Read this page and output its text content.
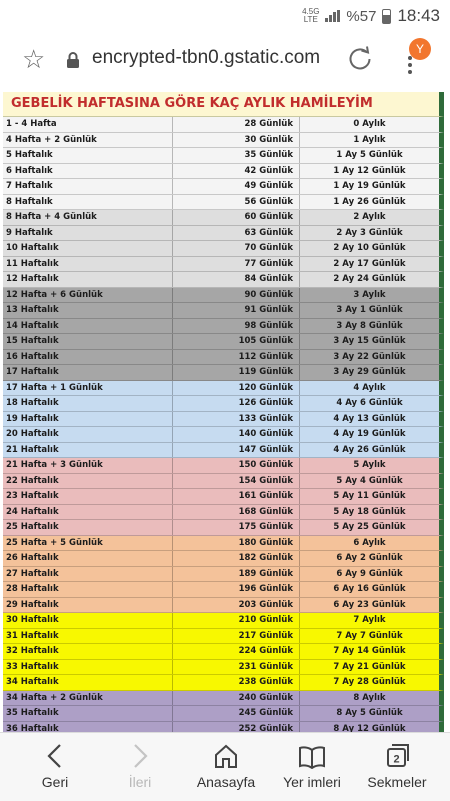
4.5G
LTE %57 18:43
☆ encrypted-tbn0.gstatic.com	Y
GEBELİK HAFTASINA GÖRE KAÇ AYLIK HAMİLEYİM
1 - 4 Hafta	28 Günlük	0 Aylık
4 Hafta + 2 Günlük	30 Günlük	1 Aylık
5 Haftalık	35 Günlük	1 Ay 5 Günlük
6 Haftalık	42 Günlük	1 Ay 12 Günlük
7 Haftalık	49 Günlük	1 Ay 19 Günlük
8 Haftalık	56 Günlük	1 Ay 26 Günlük
8 Hafta + 4 Günlük	60 Günlük	2 Aylık
9 Haftalık	63 Günlük	2 Ay 3 Günlük
10 Haftalık	70 Günlük	2 Ay 10 Günlük
11 Haftalık	77 Günlük	2 Ay 17 Günlük
12 Haftalık	84 Günlük	2 Ay 24 Günlük
12 Hafta + 6 Günlük	90 Günlük	3 Aylık
13 Haftalık	91 Günlük	3 Ay 1 Günlük
14 Haftalık	98 Günlük	3 Ay 8 Günlük
15 Haftalık	105 Günlük	3 Ay 15 Günlük
16 Haftalık	112 Günlük	3 Ay 22 Günlük
17 Haftalık	119 Günlük	3 Ay 29 Günlük
17 Hafta + 1 Günlük	120 Günlük	4 Aylık
18 Haftalık	126 Günlük	4 Ay 6 Günlük
19 Haftalık	133 Günlük	4 Ay 13 Günlük
20 Haftalık	140 Günlük	4 Ay 19 Günlük
21 Haftalık	147 Günlük	4 Ay 26 Günlük
21 Hafta + 3 Günlük	150 Günlük	5 Aylık
22 Haftalık	154 Günlük	5 Ay 4 Günlük
23 Haftalık	161 Günlük	5 Ay 11 Günlük
24 Haftalık	168 Günlük	5 Ay 18 Günlük
25 Haftalık	175 Günlük	5 Ay 25 Günlük
25 Hafta + 5 Günlük	180 Günlük	6 Aylık
26 Haftalık	182 Günlük	6 Ay 2 Günlük
27 Haftalık	189 Günlük	6 Ay 9 Günlük
28 Haftalık	196 Günlük	6 Ay 16 Günlük
29 Haftalık	203 Günlük	6 Ay 23 Günlük
30 Haftalık	210 Günlük	7 Aylık
31 Haftalık	217 Günlük	7 Ay 7 Günlük
32 Haftalık	224 Günlük	7 Ay 14 Günlük
33 Haftalık	231 Günlük	7 Ay 21 Günlük
34 Haftalık	238 Günlük	7 Ay 28 Günlük
34 Hafta + 2 Günlük	240 Günlük	8 Aylık
35 Haftalık	245 Günlük	8 Ay 5 Günlük
36 Haftalık	252 Günlük	8 Ay 12 Günlük
Geri	İleri	Anasayfa	Yer imleri
2
Sekmeler
